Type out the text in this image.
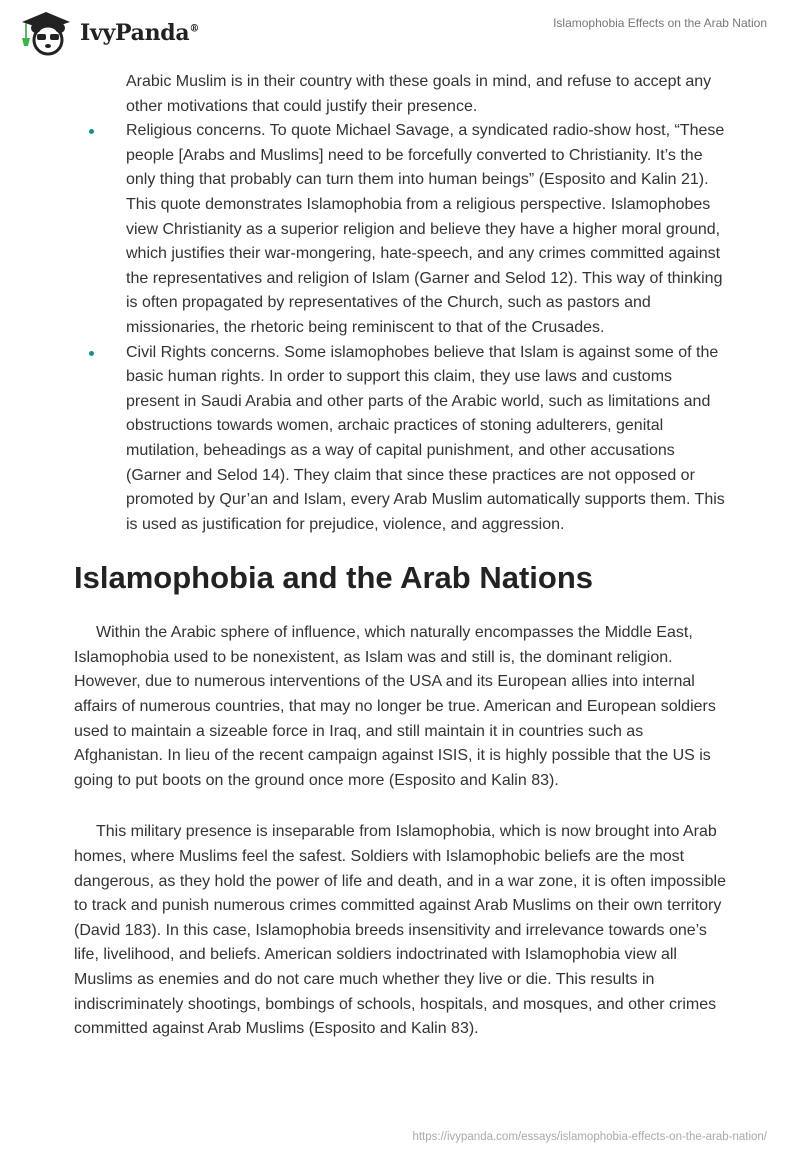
IvyPanda®	Islamophobia Effects on the Arab Nation
Arabic Muslim is in their country with these goals in mind, and refuse to accept any other motivations that could justify their presence.
Religious concerns. To quote Michael Savage, a syndicated radio-show host, “These people [Arabs and Muslims] need to be forcefully converted to Christianity. It’s the only thing that probably can turn them into human beings” (Esposito and Kalin 21). This quote demonstrates Islamophobia from a religious perspective. Islamophobes view Christianity as a superior religion and believe they have a higher moral ground, which justifies their war-mongering, hate-speech, and any crimes committed against the representatives and religion of Islam (Garner and Selod 12). This way of thinking is often propagated by representatives of the Church, such as pastors and missionaries, the rhetoric being reminiscent to that of the Crusades.
Civil Rights concerns. Some islamophobes believe that Islam is against some of the basic human rights. In order to support this claim, they use laws and customs present in Saudi Arabia and other parts of the Arabic world, such as limitations and obstructions towards women, archaic practices of stoning adulterers, genital mutilation, beheadings as a way of capital punishment, and other accusations (Garner and Selod 14). They claim that since these practices are not opposed or promoted by Qur’an and Islam, every Arab Muslim automatically supports them. This is used as justification for prejudice, violence, and aggression.
Islamophobia and the Arab Nations

Within the Arabic sphere of influence, which naturally encompasses the Middle East, Islamophobia used to be nonexistent, as Islam was and still is, the dominant religion. However, due to numerous interventions of the USA and its European allies into internal affairs of numerous countries, that may no longer be true. American and European soldiers used to maintain a sizeable force in Iraq, and still maintain it in countries such as Afghanistan. In lieu of the recent campaign against ISIS, it is highly possible that the US is going to put boots on the ground once more (Esposito and Kalin 83).

This military presence is inseparable from Islamophobia, which is now brought into Arab homes, where Muslims feel the safest. Soldiers with Islamophobic beliefs are the most dangerous, as they hold the power of life and death, and in a war zone, it is often impossible to track and punish numerous crimes committed against Arab Muslims on their own territory (David 183). In this case, Islamophobia breeds insensitivity and irrelevance towards one’s life, livelihood, and beliefs. American soldiers indoctrinated with Islamophobia view all Muslims as enemies and do not care much whether they live or die. This results in indiscriminately shootings, bombings of schools, hospitals, and mosques, and other crimes committed against Arab Muslims (Esposito and Kalin 83).

https://ivypanda.com/essays/islamophobia-effects-on-the-arab-nation/
